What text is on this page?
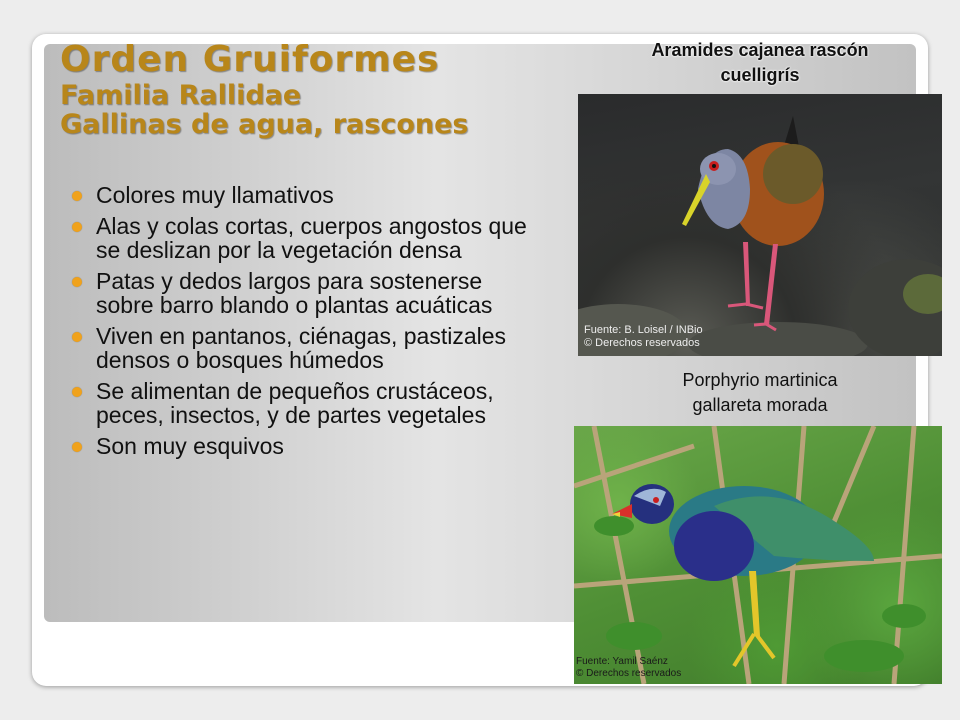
Orden Gruiformes
Familia Rallidae
Gallinas de agua, rascones
Colores muy llamativos
Alas y colas cortas, cuerpos angostos que se deslizan por la vegetación densa
Patas y dedos largos para sostenerse sobre barro blando o plantas acuáticas
Viven en pantanos, ciénagas, pastizales densos o bosques húmedos
Se alimentan de pequeños crustáceos, peces, insectos, y de partes vegetales
Son muy esquivos
Aramides cajanea rascón
cuelligrís
Fuente: B. Loisel / INBio
© Derechos reservados
Porphyrio martinica
gallareta morada
Fuente: Yamil Saénz
© Derechos reservados
